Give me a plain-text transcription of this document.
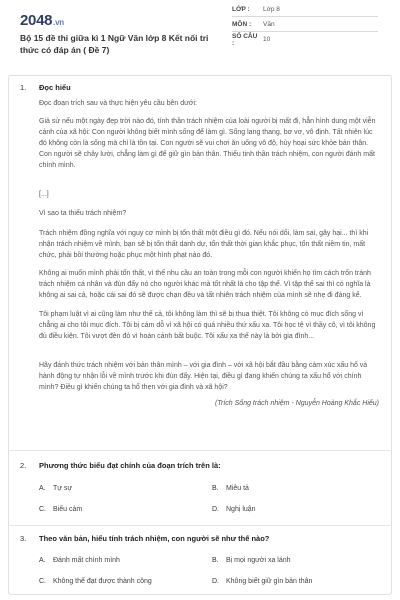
2048.vn
Bộ 15 đề thi giữa kì 1 Ngữ Văn lớp 8 Kết nối tri thức có đáp án ( Đề 7)
LỚP :	Lớp 8
MÔN :	Văn
SỐ CÂU :	10
1. Đọc hiểu
Đọc đoạn trích sau và thực hiện yêu cầu bên dưới:
Giả sử nếu một ngày đẹp trời nào đó, tính thần trách nhiệm của loài người bị mất đi, hẳn hình dung một viễn cảnh của xã hội: Con người không biết mình sống để làm gì. Sống lang thang, bơ vơ, vô định. Tất nhiên lúc đó không còn là sống mà chỉ là tồn tại. Con người sẽ vui chơi ăn uống vô độ, hủy hoại sức khỏe bản thân. Con người sẽ chây lười, chẳng làm gì để giữ gìn bản thân. Thiếu tinh thần trách nhiệm, con người đánh mất chính mình.
[...]
Vì sao ta thiếu trách nhiệm?
Trách nhiệm đồng nghĩa với nguy cơ mình bị tổn thất một điều gì đó. Nếu nói dối, làm sai, gây hại... thì khi nhận trách nhiệm về mình, bạn sẽ bị tổn thất danh dự, tổn thất thời gian khắc phục, tổn thất niềm tin, mất chức, phải bồi thường hoặc phục một hình phạt nào đó.
Không ai muốn mình phải tổn thất, vì thế nhu cầu an toàn trong mỗi con người khiến họ tìm cách trốn tránh trách nhiệm cá nhân và đùn đẩy nó cho người khác mà tốt nhất là cho tập thể. Vì tập thể sai thì có nghĩa là không ai sai cả, hoặc cái sai đó sẽ được chạn đều và tất nhiên trách nhiệm của mình sẽ nhẹ đi đáng kể.
Tôi phạm luật vì ai cũng làm như thế cả, tôi không làm thì sẽ bị thua thiệt. Tôi không có mục đích sống vì chẳng ai cho tôi mục đích. Tôi bị cám dỗ vì xã hội có quá nhiều thứ xấu xa. Tôi học tệ vì thầy cô, vì tôi không đủ điều kiện. Tôi vượt đèn đỏ vì hoàn cảnh bất buộc. Tôi xấu xa thế này là bởi gia đình...
Hãy đánh thức trách nhiệm với bản thân mình – với gia đình – với xã hội bắt đầu bằng cảm xúc xấu hổ và hành động tự nhận lỗi về mình trước khi đùn đẩy. Hiện tại, điều gì đang khiến chúng ta xấu hổ với chính mình? Điều gì khiến chúng ta hổ thẹn với gia đình và xã hội?
(Trích Sống trách nhiệm - Nguyễn Hoàng Khắc Hiếu)
2. Phương thức biểu đạt chính của đoạn trích trên là:
A. Tự sự	B. Miêu tả
C. Biểu cảm	D. Nghị luận
3. Theo văn bản, hiểu tính trách nhiệm, con người sẽ như thế nào?
A. Đánh mất chính mình	B. Bị mọi người xa lánh
C. Không thể đạt được thành công	D. Không biết giữ gìn bản thân
